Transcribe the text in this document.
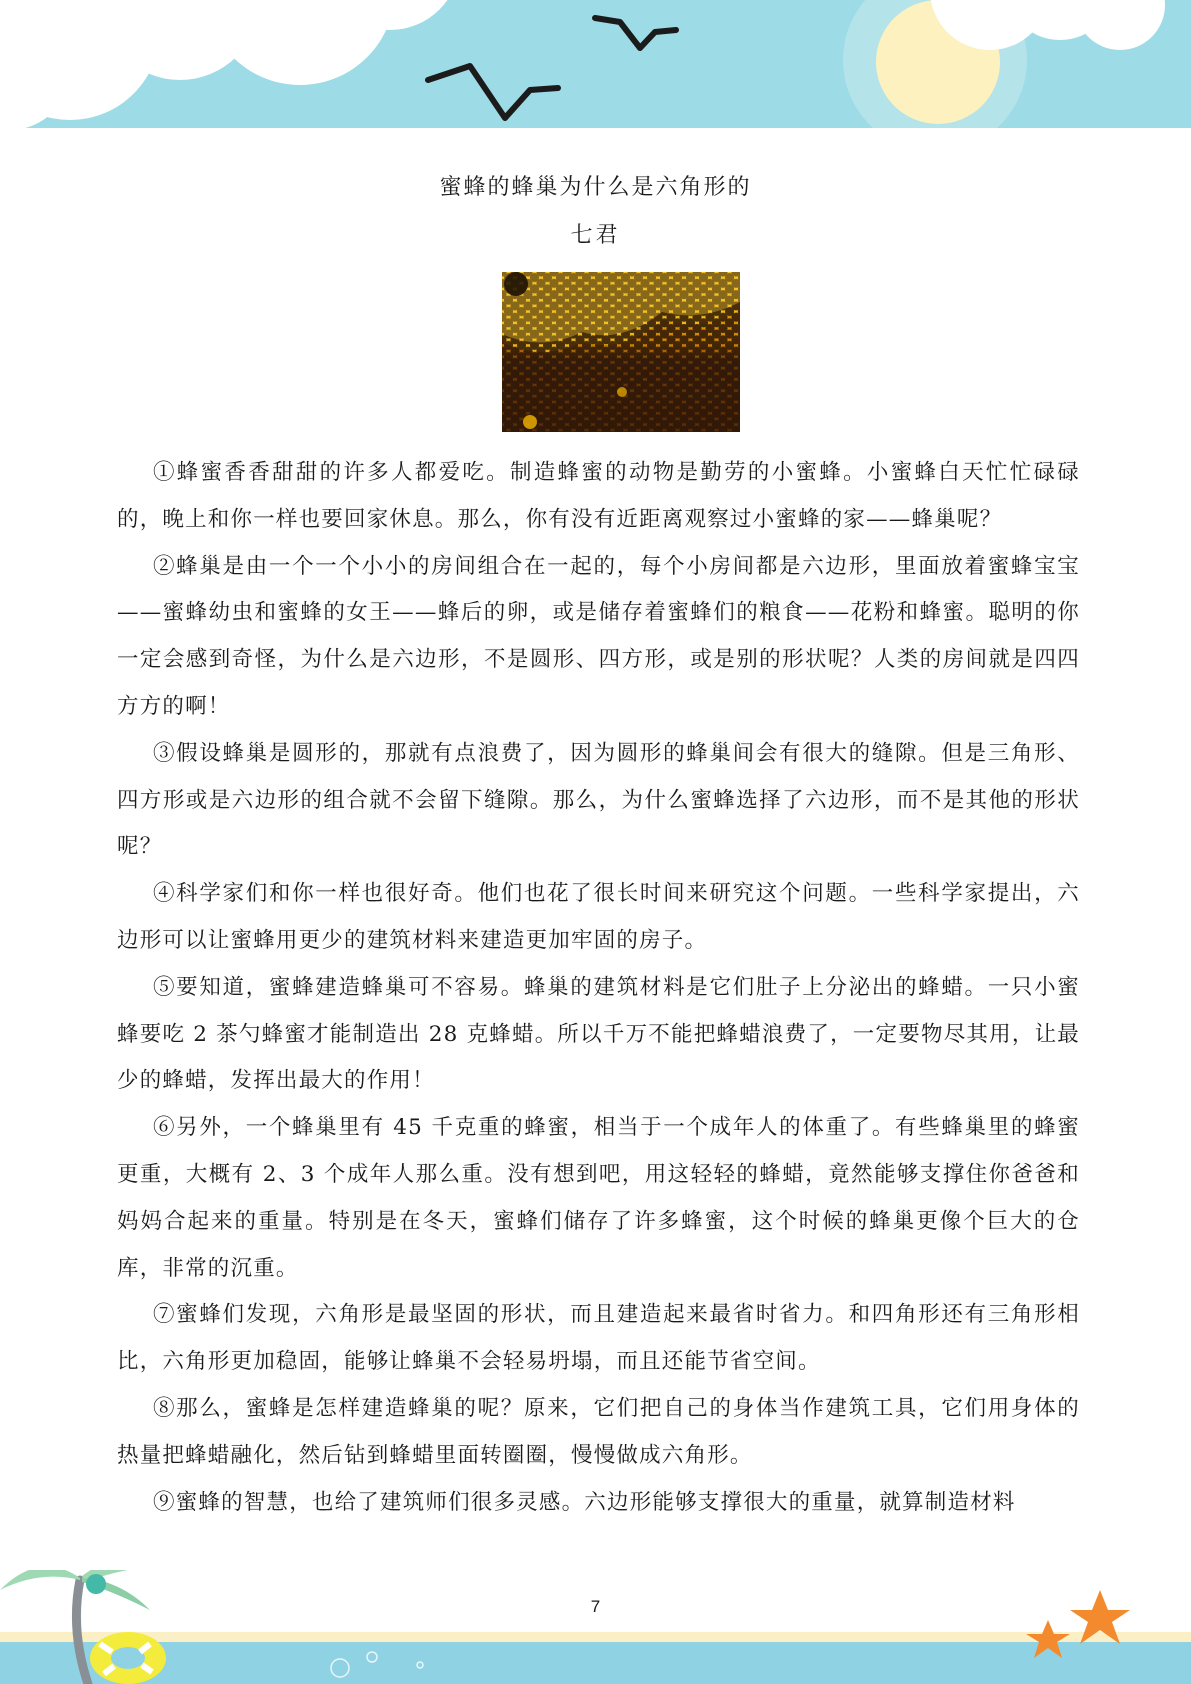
蜜蜂的蜂巢为什么是六角形的
七君

①蜂蜜香香甜甜的许多人都爱吃。制造蜂蜜的动物是勤劳的小蜜蜂。小蜜蜂白天忙忙碌碌的，晚上和你一样也要回家休息。那么，你有没有近距离观察过小蜜蜂的家——蜂巢呢？

②蜂巢是由一个一个小小的房间组合在一起的，每个小房间都是六边形，里面放着蜜蜂宝宝——蜜蜂幼虫和蜜蜂的女王——蜂后的卵，或是储存着蜜蜂们的粮食——花粉和蜂蜜。聪明的你一定会感到奇怪，为什么是六边形，不是圆形、四方形，或是别的形状呢？人类的房间就是四四方方的啊！

③假设蜂巢是圆形的，那就有点浪费了，因为圆形的蜂巢间会有很大的缝隙。但是三角形、四方形或是六边形的组合就不会留下缝隙。那么，为什么蜜蜂选择了六边形，而不是其他的形状呢？

④科学家们和你一样也很好奇。他们也花了很长时间来研究这个问题。一些科学家提出，六边形可以让蜜蜂用更少的建筑材料来建造更加牢固的房子。

⑤要知道，蜜蜂建造蜂巢可不容易。蜂巢的建筑材料是它们肚子上分泌出的蜂蜡。一只小蜜蜂要吃 2 茶勺蜂蜜才能制造出 28 克蜂蜡。所以千万不能把蜂蜡浪费了，一定要物尽其用，让最少的蜂蜡，发挥出最大的作用！

⑥另外，一个蜂巢里有 45 千克重的蜂蜜，相当于一个成年人的体重了。有些蜂巢里的蜂蜜更重，大概有 2、3 个成年人那么重。没有想到吧，用这轻轻的蜂蜡，竟然能够支撑住你爸爸和妈妈合起来的重量。特别是在冬天，蜜蜂们储存了许多蜂蜜，这个时候的蜂巢更像个巨大的仓库，非常的沉重。

⑦蜜蜂们发现，六角形是最坚固的形状，而且建造起来最省时省力。和四角形还有三角形相比，六角形更加稳固，能够让蜂巢不会轻易坍塌，而且还能节省空间。

⑧那么，蜜蜂是怎样建造蜂巢的呢？原来，它们把自己的身体当作建筑工具，它们用身体的热量把蜂蜡融化，然后钻到蜂蜡里面转圈圈，慢慢做成六角形。

⑨蜜蜂的智慧，也给了建筑师们很多灵感。六边形能够支撑很大的重量，就算制造材料

7
